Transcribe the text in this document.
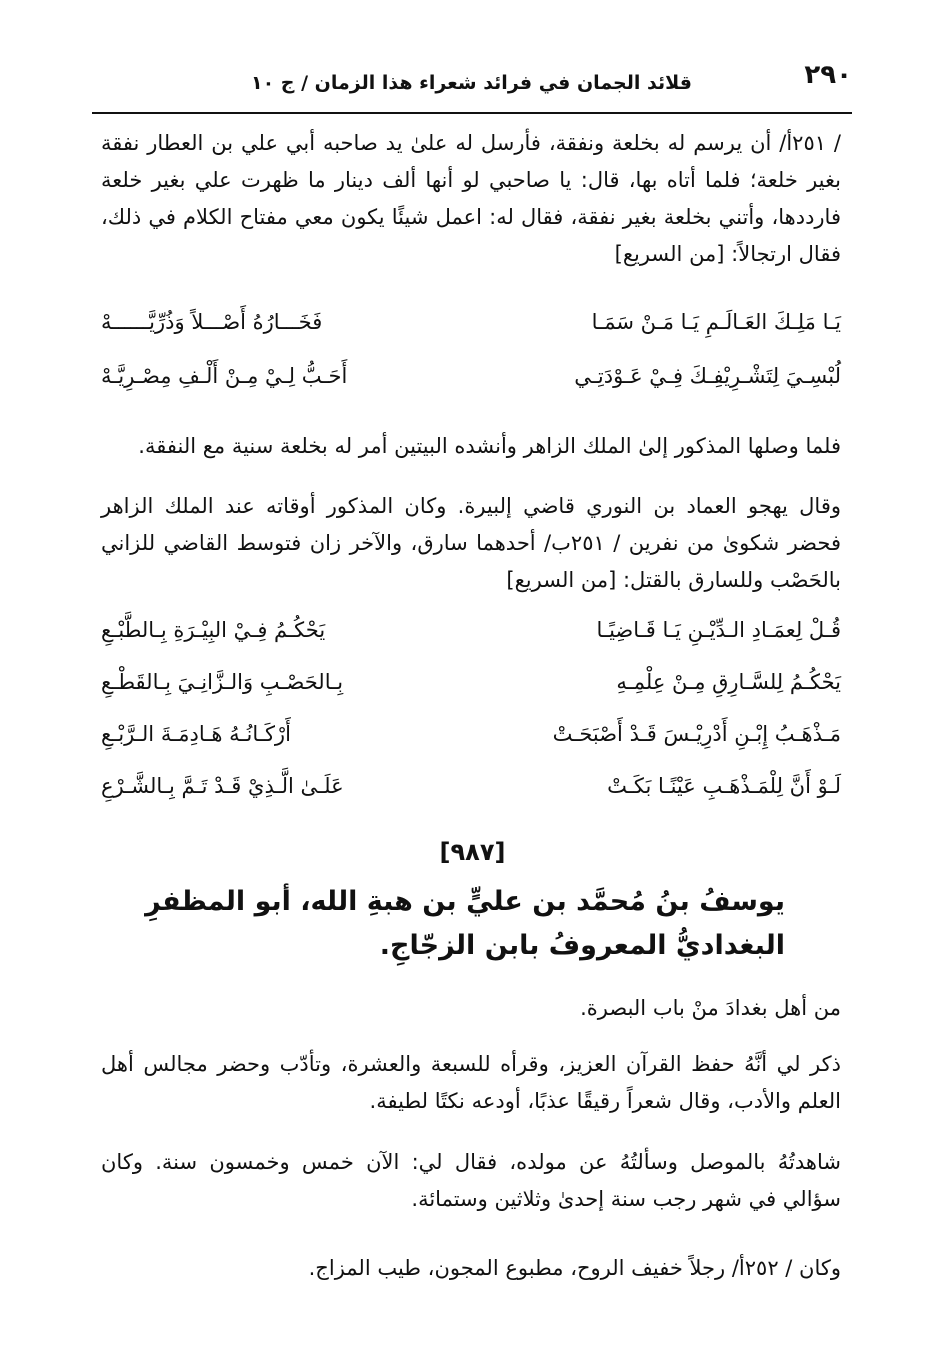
٢٩٠
قلائد الجمان في فرائد شعراء هذا الزمان / ج ١٠

/ ٢٥١أ/ أن يرسم له بخلعة ونفقة، فأرسل له علىٰ يد صاحبه أبي علي بن العطار نفقة بغير خلعة؛ فلما أتاه بها، قال: يا صاحبي لو أنها ألف دينار ما ظهرت علي بغير خلعة فارددها، وأتني بخلعة بغير نفقة، فقال له: اعمل شيئًا يكون معي مفتاح الكلام في ذلك، فقال ارتجالاً: [من السريع]

يَـا مَلِـكَ العَـالَـمِ يَـا مَـنْ سَمَـا
فَخَـــارُهُ أَصْـــلاً وَذُرِّيَّــــــهْ
لُبْسِـيَ لِتَشْـرِيْفِـكَ فِـيْ عَـوْدَتِـي
أَحَـبُّ لِـيْ مِـنْ أَلْـفِ مِصْـرِيَّـهْ

فلما وصلها المذكور إلىٰ الملك الزاهر وأنشده البيتين أمر له بخلعة سنية مع النفقة.

وقال يهجو العماد بن النوري قاضي إلبيرة. وكان المذكور أوقاته عند الملك الزاهر فحضر شكوىٰ من نفرين / ٢٥١ب/ أحدهما سارق، والآخر زان فتوسط القاضي للزاني بالحَصْب وللسارق بالقتل: [من السريع]

قُـلْ لِعمَـادِ الـدِّيْـنِ يَـا قَـاضِيًـا
يَحْكُـمُ فِـيْ البِيْـرَةِ بِـالطَّبْـعِ
يَحْكُـمُ لِلسَّـارِقِ مِـنْ عِلْمِـهِ
بِـالحَصْـبِ وَالـزَّانِـيَ بِـالقَطْـعِ
مَـذْهَـبُ إِبْـنِ أَدْرِيْـسَ قَـدْ أَصْبَحَـتْ
أَرْكَـانُـهُ هَـادِمَـةَ الـرَّبْـعِ
لَـوْ أَنَّ لِلْمَـذْهَـبِ عَيْنًـا بَكَـتْ
عَلَـىٰ الَّـذِيْ قَـدْ تَـمَّ بِـالشَّـرْعِ
[٩٨٧]

يوسفُ بنُ مُحمَّد بن عليٍّ بن هبةِ الله، أبو المظفرِ البغداديُّ المعروفُ بابن الزجّاجِ.

من أهل بغدادَ منْ باب البصرة.

ذكر لي أنَّهُ حفظ القرآن العزيز، وقرأه للسبعة والعشرة، وتأدّب وحضر مجالس أهل العلم والأدب، وقال شعراً رقيقًا عذبًا، أودعه نكتًا لطيفة.

شاهدتُهُ بالموصل وسألتُهُ عن مولده، فقال لي: الآن خمس وخمسون سنة. وكان سؤالي في شهر رجب سنة إحدىٰ وثلاثين وستمائة.

وكان / ٢٥٢أ/ رجلاً خفيف الروح، مطبوع المجون، طيب المزاج.
